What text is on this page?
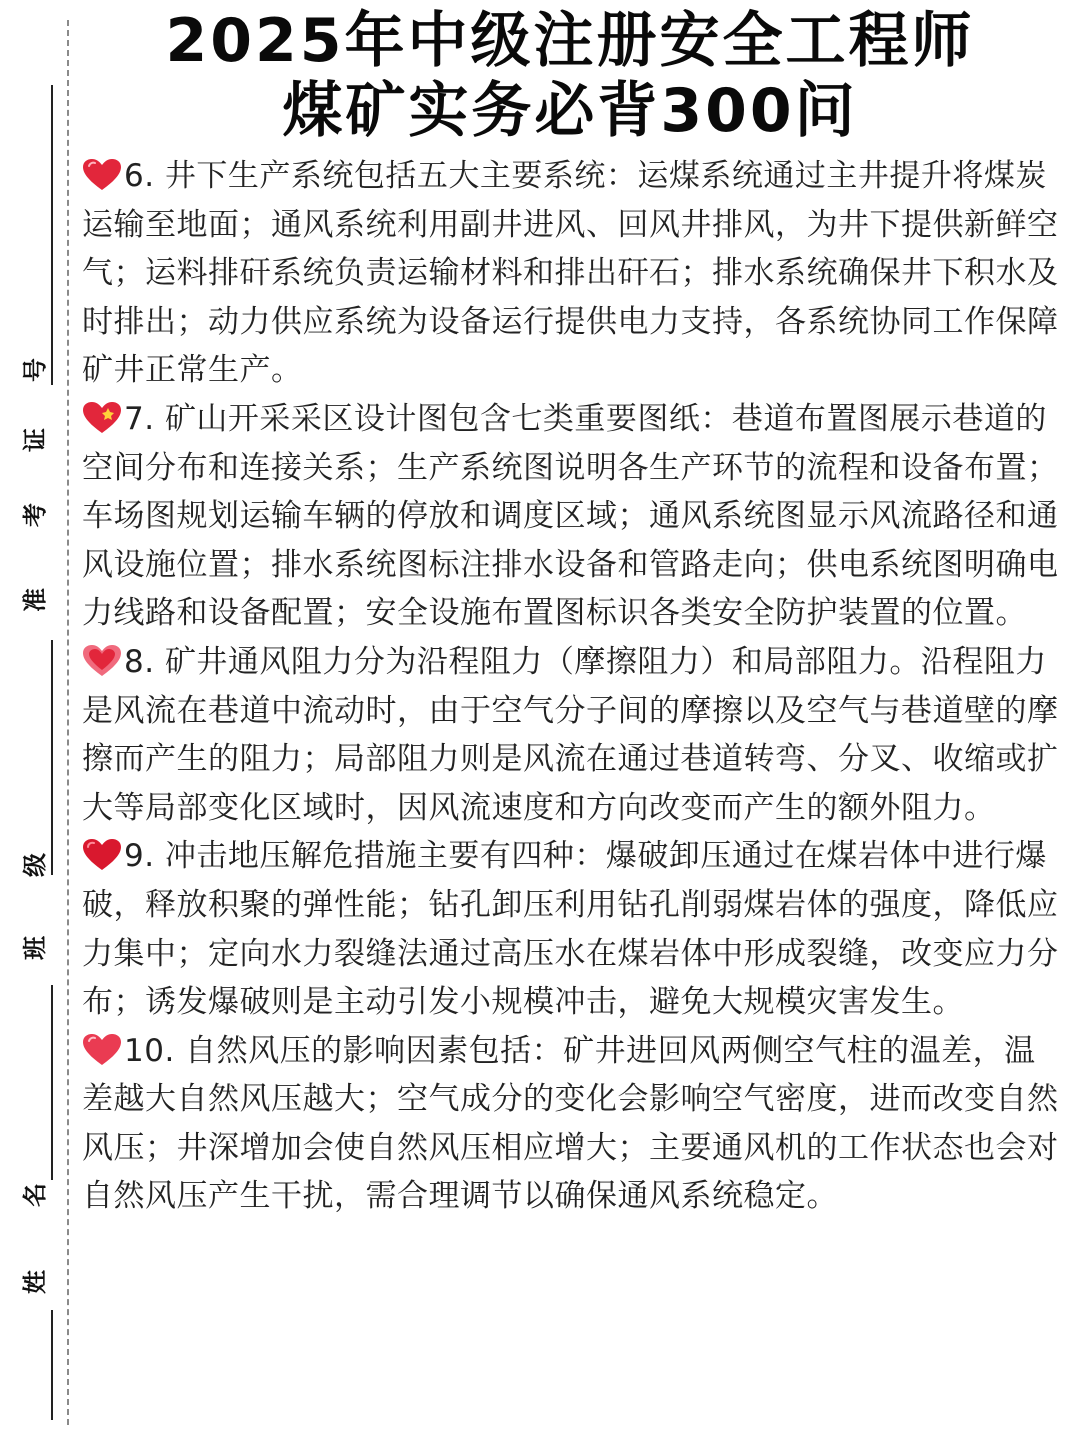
号
证
考
准
级
班
名
姓
2025年中级注册安全工程师
煤矿实务必背300问

6. 井下生产系统包括五大主要系统：运煤系统通过主井提升将煤炭运输至地面；通风系统利用副井进风、回风井排风，为井下提供新鲜空气；运料排矸系统负责运输材料和排出矸石；排水系统确保井下积水及时排出；动力供应系统为设备运行提供电力支持，各系统协同工作保障矿井正常生产。

7. 矿山开采采区设计图包含七类重要图纸：巷道布置图展示巷道的空间分布和连接关系；生产系统图说明各生产环节的流程和设备布置；车场图规划运输车辆的停放和调度区域；通风系统图显示风流路径和通风设施位置；排水系统图标注排水设备和管路走向；供电系统图明确电力线路和设备配置；安全设施布置图标识各类安全防护装置的位置。

8. 矿井通风阻力分为沿程阻力（摩擦阻力）和局部阻力。沿程阻力是风流在巷道中流动时，由于空气分子间的摩擦以及空气与巷道壁的摩擦而产生的阻力；局部阻力则是风流在通过巷道转弯、分叉、收缩或扩大等局部变化区域时，因风流速度和方向改变而产生的额外阻力。

9. 冲击地压解危措施主要有四种：爆破卸压通过在煤岩体中进行爆破，释放积聚的弹性能；钻孔卸压利用钻孔削弱煤岩体的强度，降低应力集中；定向水力裂缝法通过高压水在煤岩体中形成裂缝，改变应力分布；诱发爆破则是主动引发小规模冲击，避免大规模灾害发生。

10. 自然风压的影响因素包括：矿井进回风两侧空气柱的温差，温差越大自然风压越大；空气成分的变化会影响空气密度，进而改变自然风压；井深增加会使自然风压相应增大；主要通风机的工作状态也会对自然风压产生干扰，需合理调节以确保通风系统稳定。
